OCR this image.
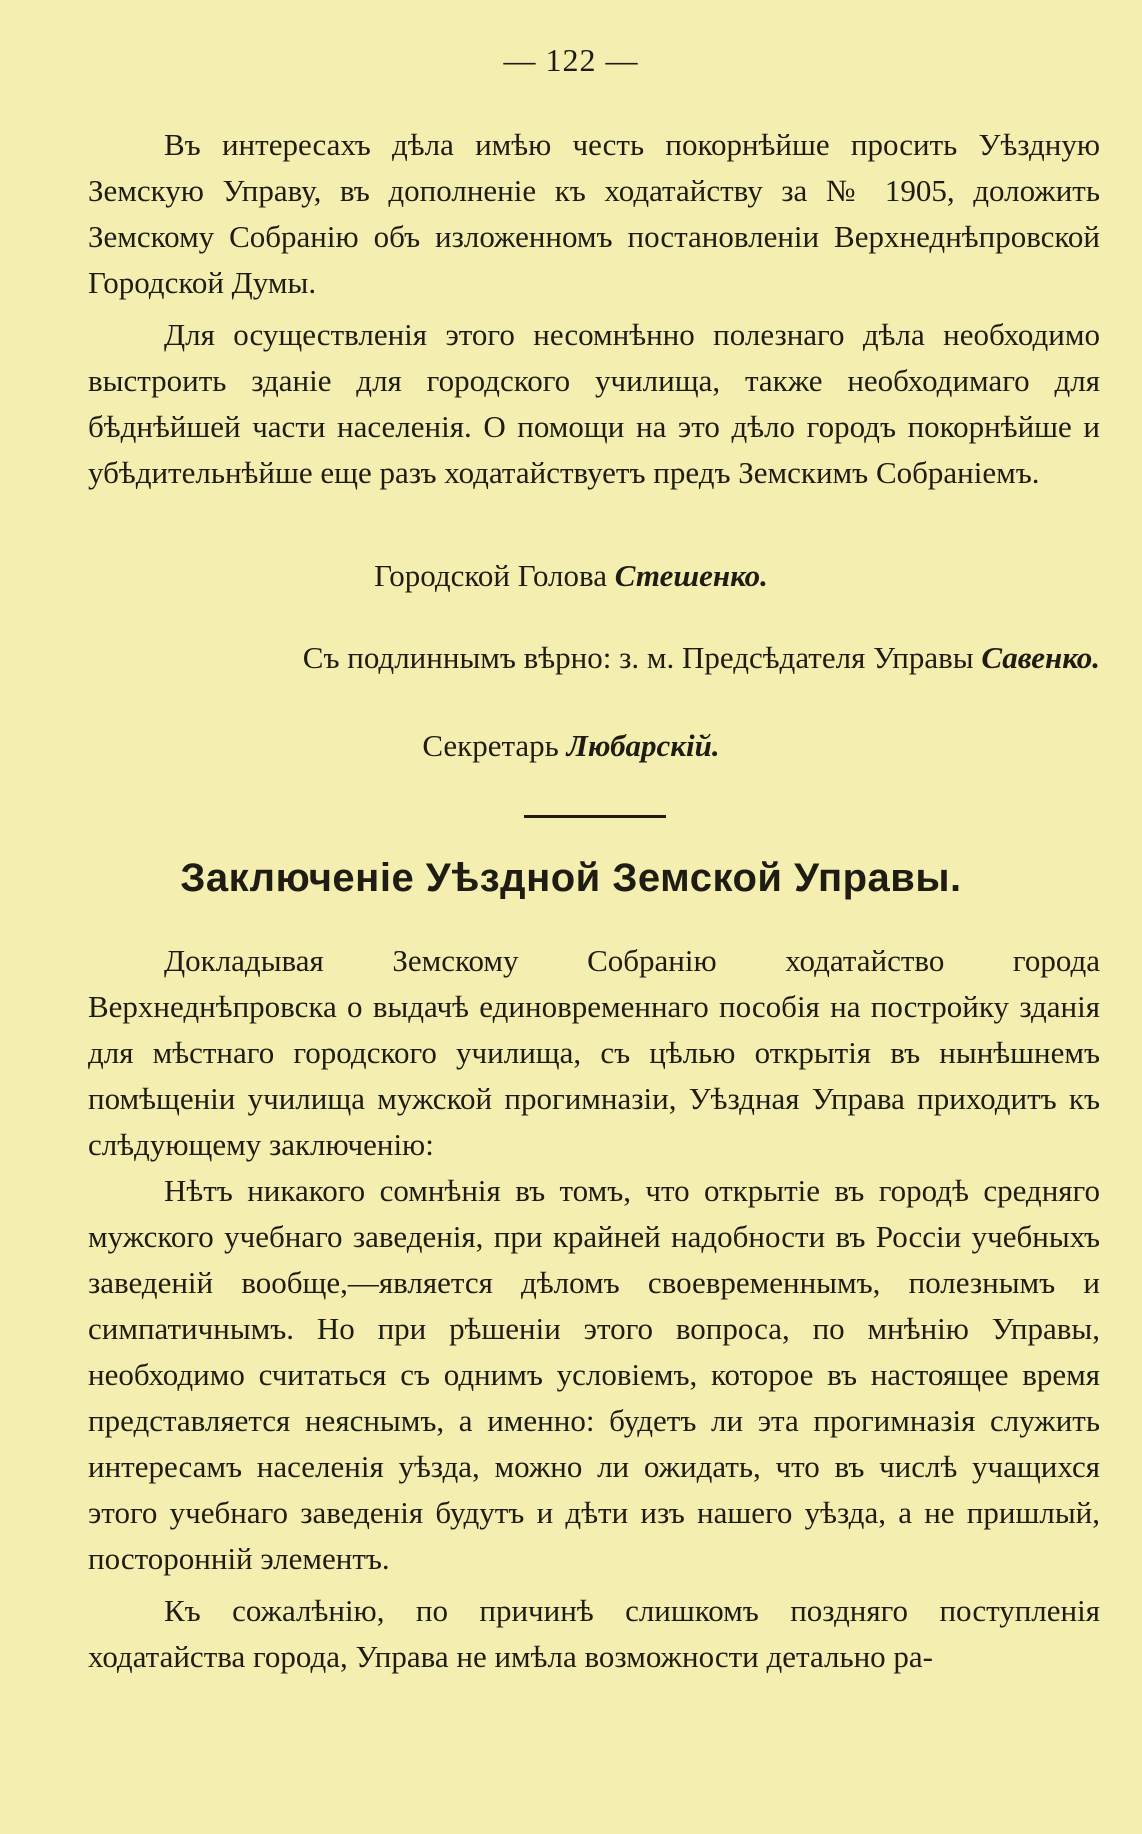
— 122 —

Въ интересахъ дѣла имѣю честь покорнѣйше просить Уѣздную Земскую Управу, въ дополненіе къ ходатайству за № 1905, доложить Земскому Собранію объ изложенномъ постановленіи Верхнеднѣпровской Городской Думы.

Для осуществленія этого несомнѣнно полезнаго дѣла необходимо выстроить зданіе для городского училища, также необходимаго для бѣднѣйшей части населенія. О помощи на это дѣло городъ покорнѣйше и убѣдительнѣйше еще разъ ходатайствуетъ предъ Земскимъ Собраніемъ.

Городской Голова Стешенко.
Съ подлиннымъ вѣрно: з. м. Предсѣдателя Управы Савенко.
Секретарь Любарскій.
Заключеніе Уѣздной Земской Управы.

Докладывая Земскому Собранію ходатайство города Верхнеднѣпровска о выдачѣ единовременнаго пособія на постройку зданія для мѣстнаго городского училища, съ цѣлью открытія въ нынѣшнемъ помѣщеніи училища мужской прогимназіи, Уѣздная Управа приходитъ къ слѣдующему заключенію:

Нѣтъ никакого сомнѣнія въ томъ, что открытіе въ городѣ средняго мужского учебнаго заведенія, при крайней надобности въ Россіи учебныхъ заведеній вообще,—является дѣломъ своевременнымъ, полезнымъ и симпатичнымъ. Но при рѣшеніи этого вопроса, по мнѣнію Управы, необходимо считаться съ однимъ условіемъ, которое въ настоящее время представляется неяснымъ, а именно: будетъ ли эта прогимназія служить интересамъ населенія уѣзда, можно ли ожидать, что въ числѣ учащихся этого учебнаго заведенія будутъ и дѣти изъ нашего уѣзда, а не пришлый, посторонній элементъ.

Къ сожалѣнію, по причинѣ слишкомъ поздняго поступленія ходатайства города, Управа не имѣла возможности детально ра-
